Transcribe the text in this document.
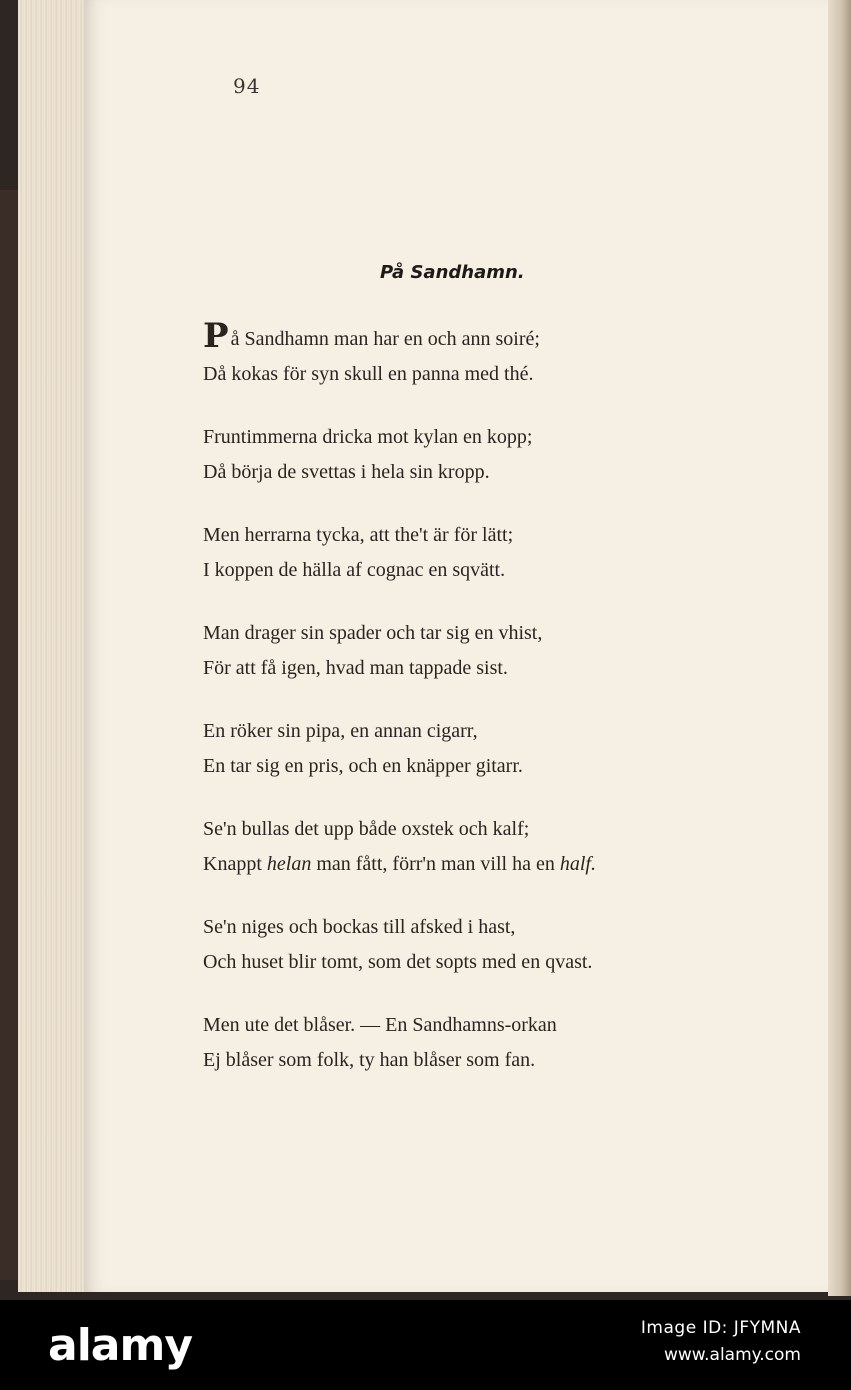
94
På Sandhamn.
På Sandhamn man har en och ann soiré;
Då kokas för syn skull en panna med thé.
Fruntimmerna dricka mot kylan en kopp;
Då börja de svettas i hela sin kropp.
Men herrarna tycka, att the't är för lätt;
I koppen de hälla af cognac en sqvätt.
Man drager sin spader och tar sig en vhist,
För att få igen, hvad man tappade sist.
En röker sin pipa, en annan cigarr,
En tar sig en pris, och en knäpper gitarr.
Se'n bullas det upp både oxstek och kalf;
Knappt helan man fått, förr'n man vill ha en half.
Se'n niges och bockas till afsked i hast,
Och huset blir tomt, som det sopts med en qvast.
Men ute det blåser. — En Sandhamns-orkan
Ej blåser som folk, ty han blåser som fan.
alamy	Image ID: JFYMNA
www.alamy.com
